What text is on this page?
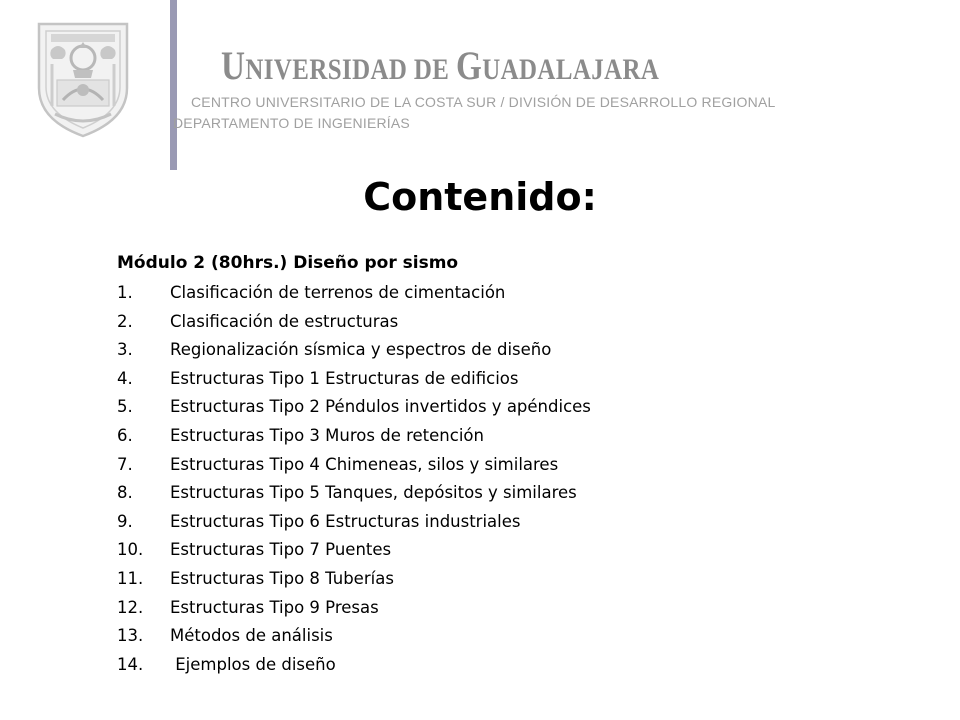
UNIVERSIDAD DE GUADALAJARA
CENTRO UNIVERSITARIO DE LA COSTA SUR / DIVISIÓN DE DESARROLLO REGIONAL
DEPARTAMENTO DE INGENIERÍAS
Contenido:
Módulo 2 (80hrs.) Diseño por sismo
1.	Clasificación de terrenos de cimentación
2.	Clasificación de estructuras
3.	Regionalización sísmica y espectros de diseño
4.	Estructuras Tipo 1 Estructuras de edificios
5.	Estructuras Tipo 2 Péndulos invertidos y apéndices
6.	Estructuras Tipo 3 Muros de retención
7.	Estructuras Tipo 4 Chimeneas, silos y similares
8.	Estructuras Tipo 5 Tanques, depósitos y similares
9.	Estructuras Tipo 6 Estructuras industriales
10.	Estructuras Tipo 7 Puentes
11.	Estructuras Tipo 8 Tuberías
12.	Estructuras Tipo 9 Presas
13.	Métodos de análisis
14.	Ejemplos de diseño
